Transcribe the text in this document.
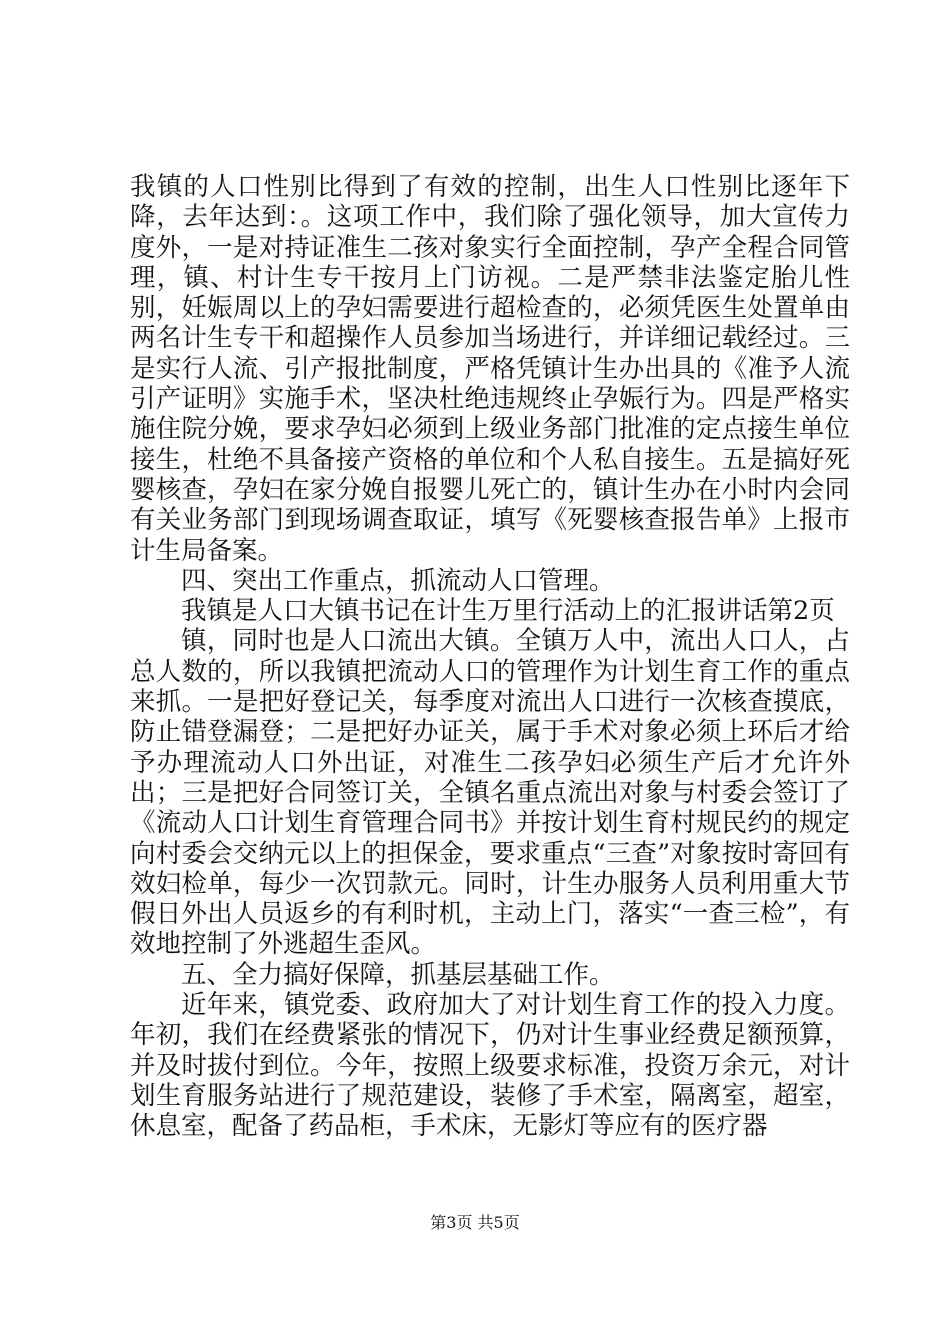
我镇的人口性别比得到了有效的控制，出生人口性别比逐年下降，去年达到：。这项工作中，我们除了强化领导，加大宣传力度外，一是对持证准生二孩对象实行全面控制，孕产全程合同管理，镇、村计生专干按月上门访视。二是严禁非法鉴定胎儿性别，妊娠周以上的孕妇需要进行超检查的，必须凭医生处置单由两名计生专干和超操作人员参加当场进行，并详细记载经过。三是实行人流、引产报批制度，严格凭镇计生办出具的《准予人流引产证明》实施手术，坚决杜绝违规终止孕娠行为。四是严格实施住院分娩，要求孕妇必须到上级业务部门批准的定点接生单位接生，杜绝不具备接产资格的单位和个人私自接生。五是搞好死婴核查，孕妇在家分娩自报婴儿死亡的，镇计生办在小时内会同有关业务部门到现场调查取证，填写《死婴核查报告单》上报市计生局备案。

四、突出工作重点，抓流动人口管理。

我镇是人口大镇书记在计生万里行活动上的汇报讲话第2页

镇，同时也是人口流出大镇。全镇万人中，流出人口人，占总人数的，所以我镇把流动人口的管理作为计划生育工作的重点来抓。一是把好登记关，每季度对流出人口进行一次核查摸底，防止错登漏登；二是把好办证关，属于手术对象必须上环后才给予办理流动人口外出证，对准生二孩孕妇必须生产后才允许外出；三是把好合同签订关，全镇名重点流出对象与村委会签订了《流动人口计划生育管理合同书》并按计划生育村规民约的规定向村委会交纳元以上的担保金，要求重点“三查”对象按时寄回有效妇检单，每少一次罚款元。同时，计生办服务人员利用重大节假日外出人员返乡的有利时机，主动上门，落实“一查三检”，有效地控制了外逃超生歪风。

五、全力搞好保障，抓基层基础工作。

近年来，镇党委、政府加大了对计划生育工作的投入力度。年初，我们在经费紧张的情况下，仍对计生事业经费足额预算，并及时拔付到位。今年，按照上级要求标准，投资万余元，对计划生育服务站进行了规范建设，装修了手术室，隔离室，超室，休息室，配备了药品柜，手术床，无影灯等应有的医疗器

第3页 共5页
